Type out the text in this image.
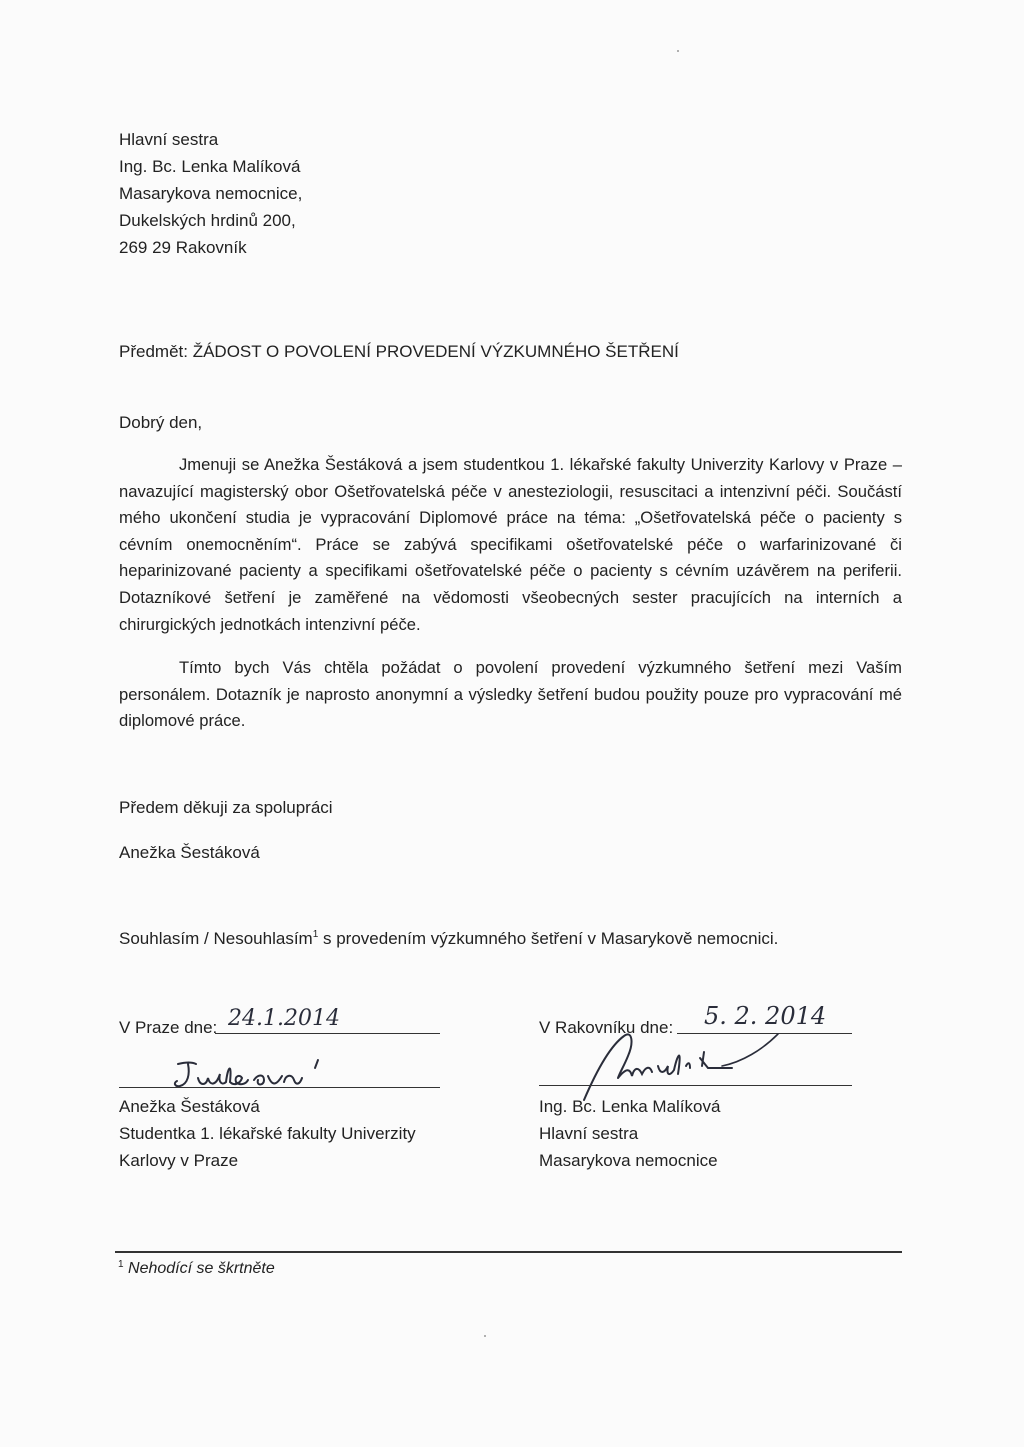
Hlavní sestra
Ing. Bc. Lenka Malíková
Masarykova nemocnice,
Dukelských hrdinů 200,
269 29 Rakovník
Předmět: ŽÁDOST O POVOLENÍ PROVEDENÍ VÝZKUMNÉHO ŠETŘENÍ
Dobrý den,
Jmenuji se Anežka Šestáková a jsem studentkou 1. lékařské fakulty Univerzity Karlovy v Praze – navazující magisterský obor Ošetřovatelská péče v anesteziologii, resuscitaci a intenzivní péči. Součástí mého ukončení studia je vypracování Diplomové práce na téma: „Ošetřovatelská péče o pacienty s cévním onemocněním“. Práce se zabývá specifikami ošetřovatelské péče o warfarinizované či heparinizované pacienty a specifikami ošetřovatelské péče o pacienty s cévním uzávěrem na periferii. Dotazníkové šetření je zaměřené na vědomosti všeobecných sester pracujících na interních a chirurgických jednotkách intenzivní péče.
Tímto bych Vás chtěla požádat o povolení provedení výzkumného šetření mezi Vaším personálem. Dotazník je naprosto anonymní a výsledky šetření budou použity pouze pro vypracování mé diplomové práce.
Předem děkuji za spolupráci
Anežka Šestáková
Souhlasím / Nesouhlasím$^1$ s provedením výzkumného šetření v Masarykově nemocnici.
V Praze dne: 24.1.2014
Anežka Šestáková
Studentka 1. lékařské fakulty Univerzity
Karlovy v Praze
V Rakovníku dne: 5. 2. 2014
Ing. Bc. Lenka Malíková
Hlavní sestra
Masarykova nemocnice
$^1$ Nehodící se škrtněte
